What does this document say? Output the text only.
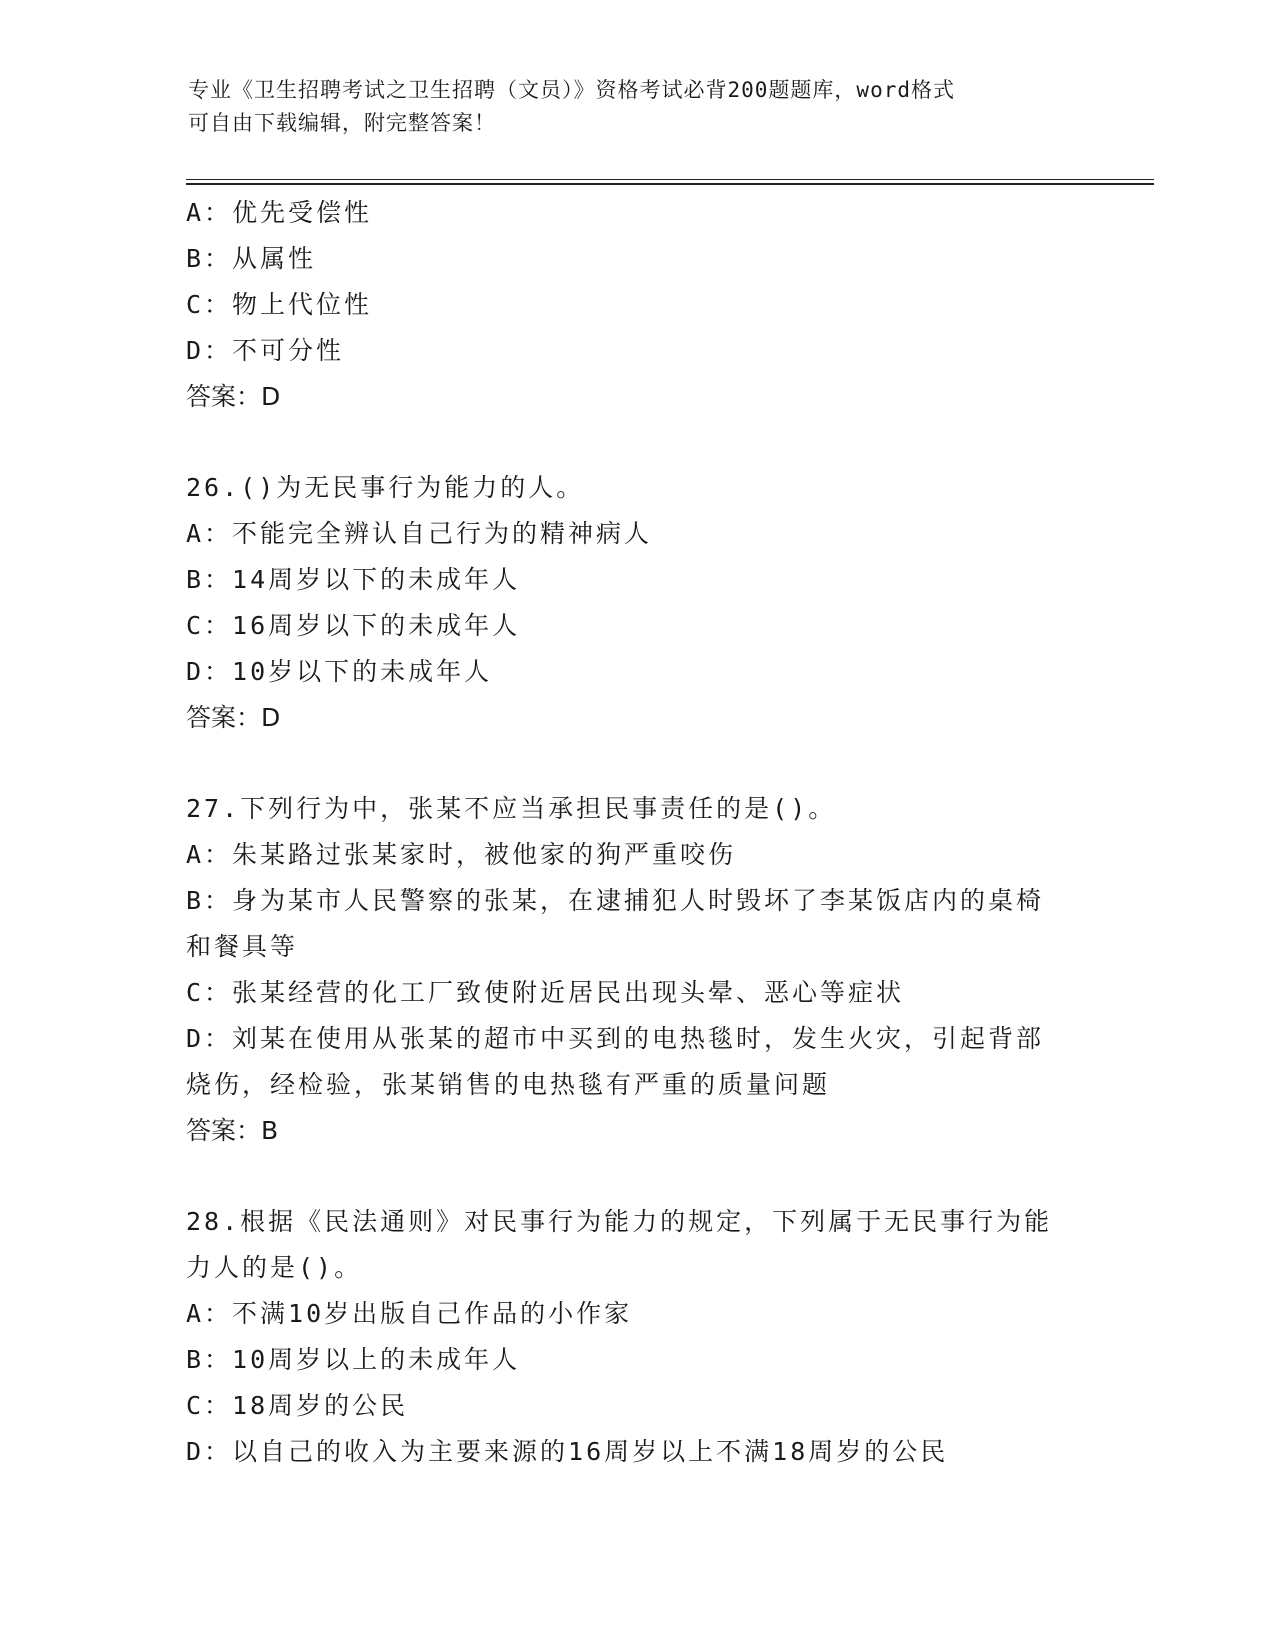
专业《卫生招聘考试之卫生招聘（文员）》资格考试必背200题题库，word格式
可自由下载编辑，附完整答案！
A：优先受偿性
B：从属性
C：物上代位性
D：不可分性
答案：D
26.()为无民事行为能力的人。
A：不能完全辨认自己行为的精神病人
B：14周岁以下的未成年人
C：16周岁以下的未成年人
D：10岁以下的未成年人
答案：D
27.下列行为中，张某不应当承担民事责任的是()。
A：朱某路过张某家时，被他家的狗严重咬伤
B：身为某市人民警察的张某，在逮捕犯人时毁坏了李某饭店内的桌椅
和餐具等
C：张某经营的化工厂致使附近居民出现头晕、恶心等症状
D：刘某在使用从张某的超市中买到的电热毯时，发生火灾，引起背部
烧伤，经检验，张某销售的电热毯有严重的质量问题
答案：B
28.根据《民法通则》对民事行为能力的规定，下列属于无民事行为能
力人的是()。
A：不满10岁出版自己作品的小作家
B：10周岁以上的未成年人
C：18周岁的公民
D：以自己的收入为主要来源的16周岁以上不满18周岁的公民
